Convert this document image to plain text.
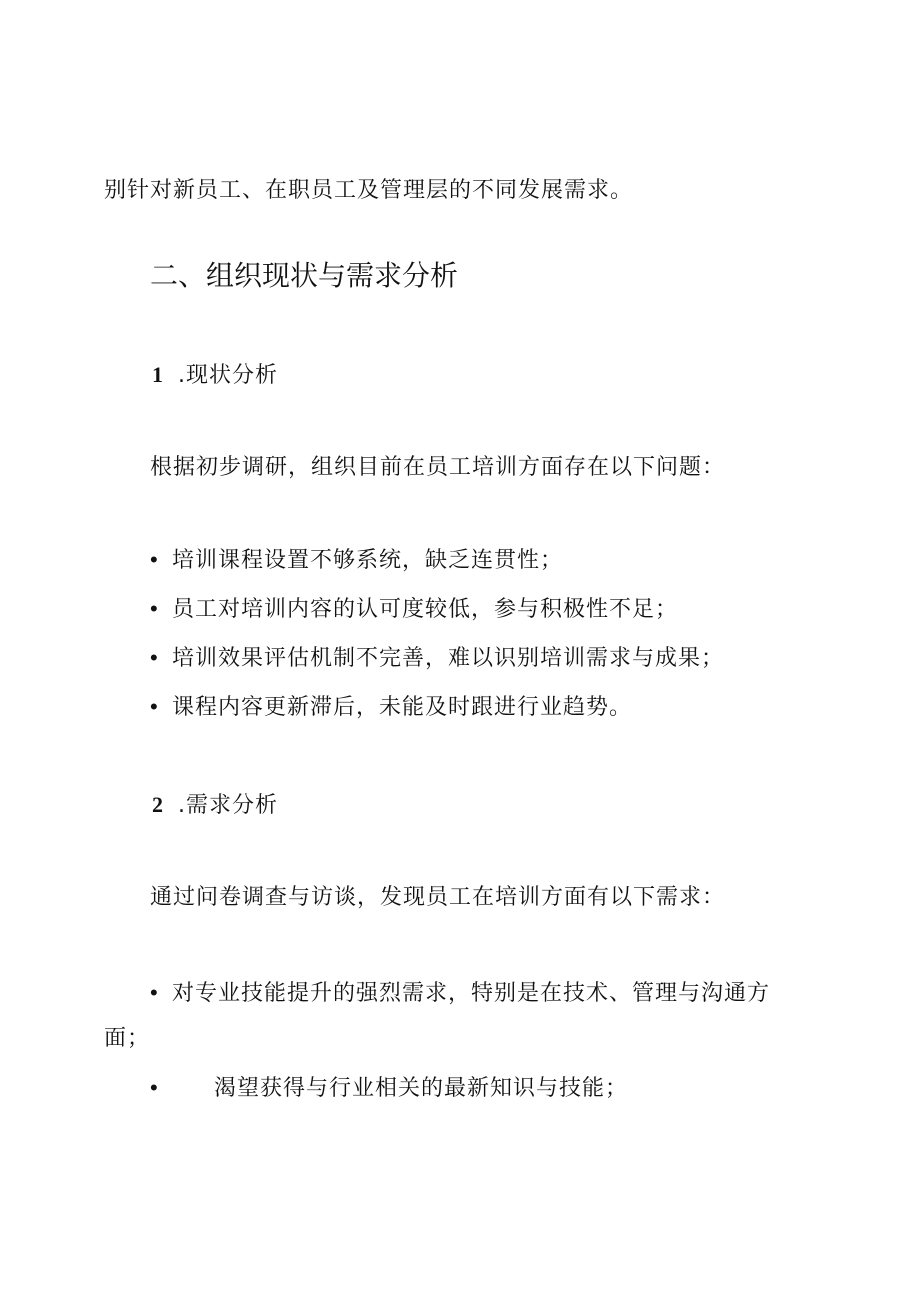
别针对新员工、在职员工及管理层的不同发展需求。
二、组织现状与需求分析
1 .现状分析
根据初步调研，组织目前在员工培训方面存在以下问题：
• 培训课程设置不够系统，缺乏连贯性；
• 员工对培训内容的认可度较低，参与积极性不足；
• 培训效果评估机制不完善，难以识别培训需求与成果；
• 课程内容更新滞后，未能及时跟进行业趋势。
2 .需求分析
通过问卷调查与访谈，发现员工在培训方面有以下需求：
• 对专业技能提升的强烈需求，特别是在技术、管理与沟通方
面；
•	渴望获得与行业相关的最新知识与技能；
